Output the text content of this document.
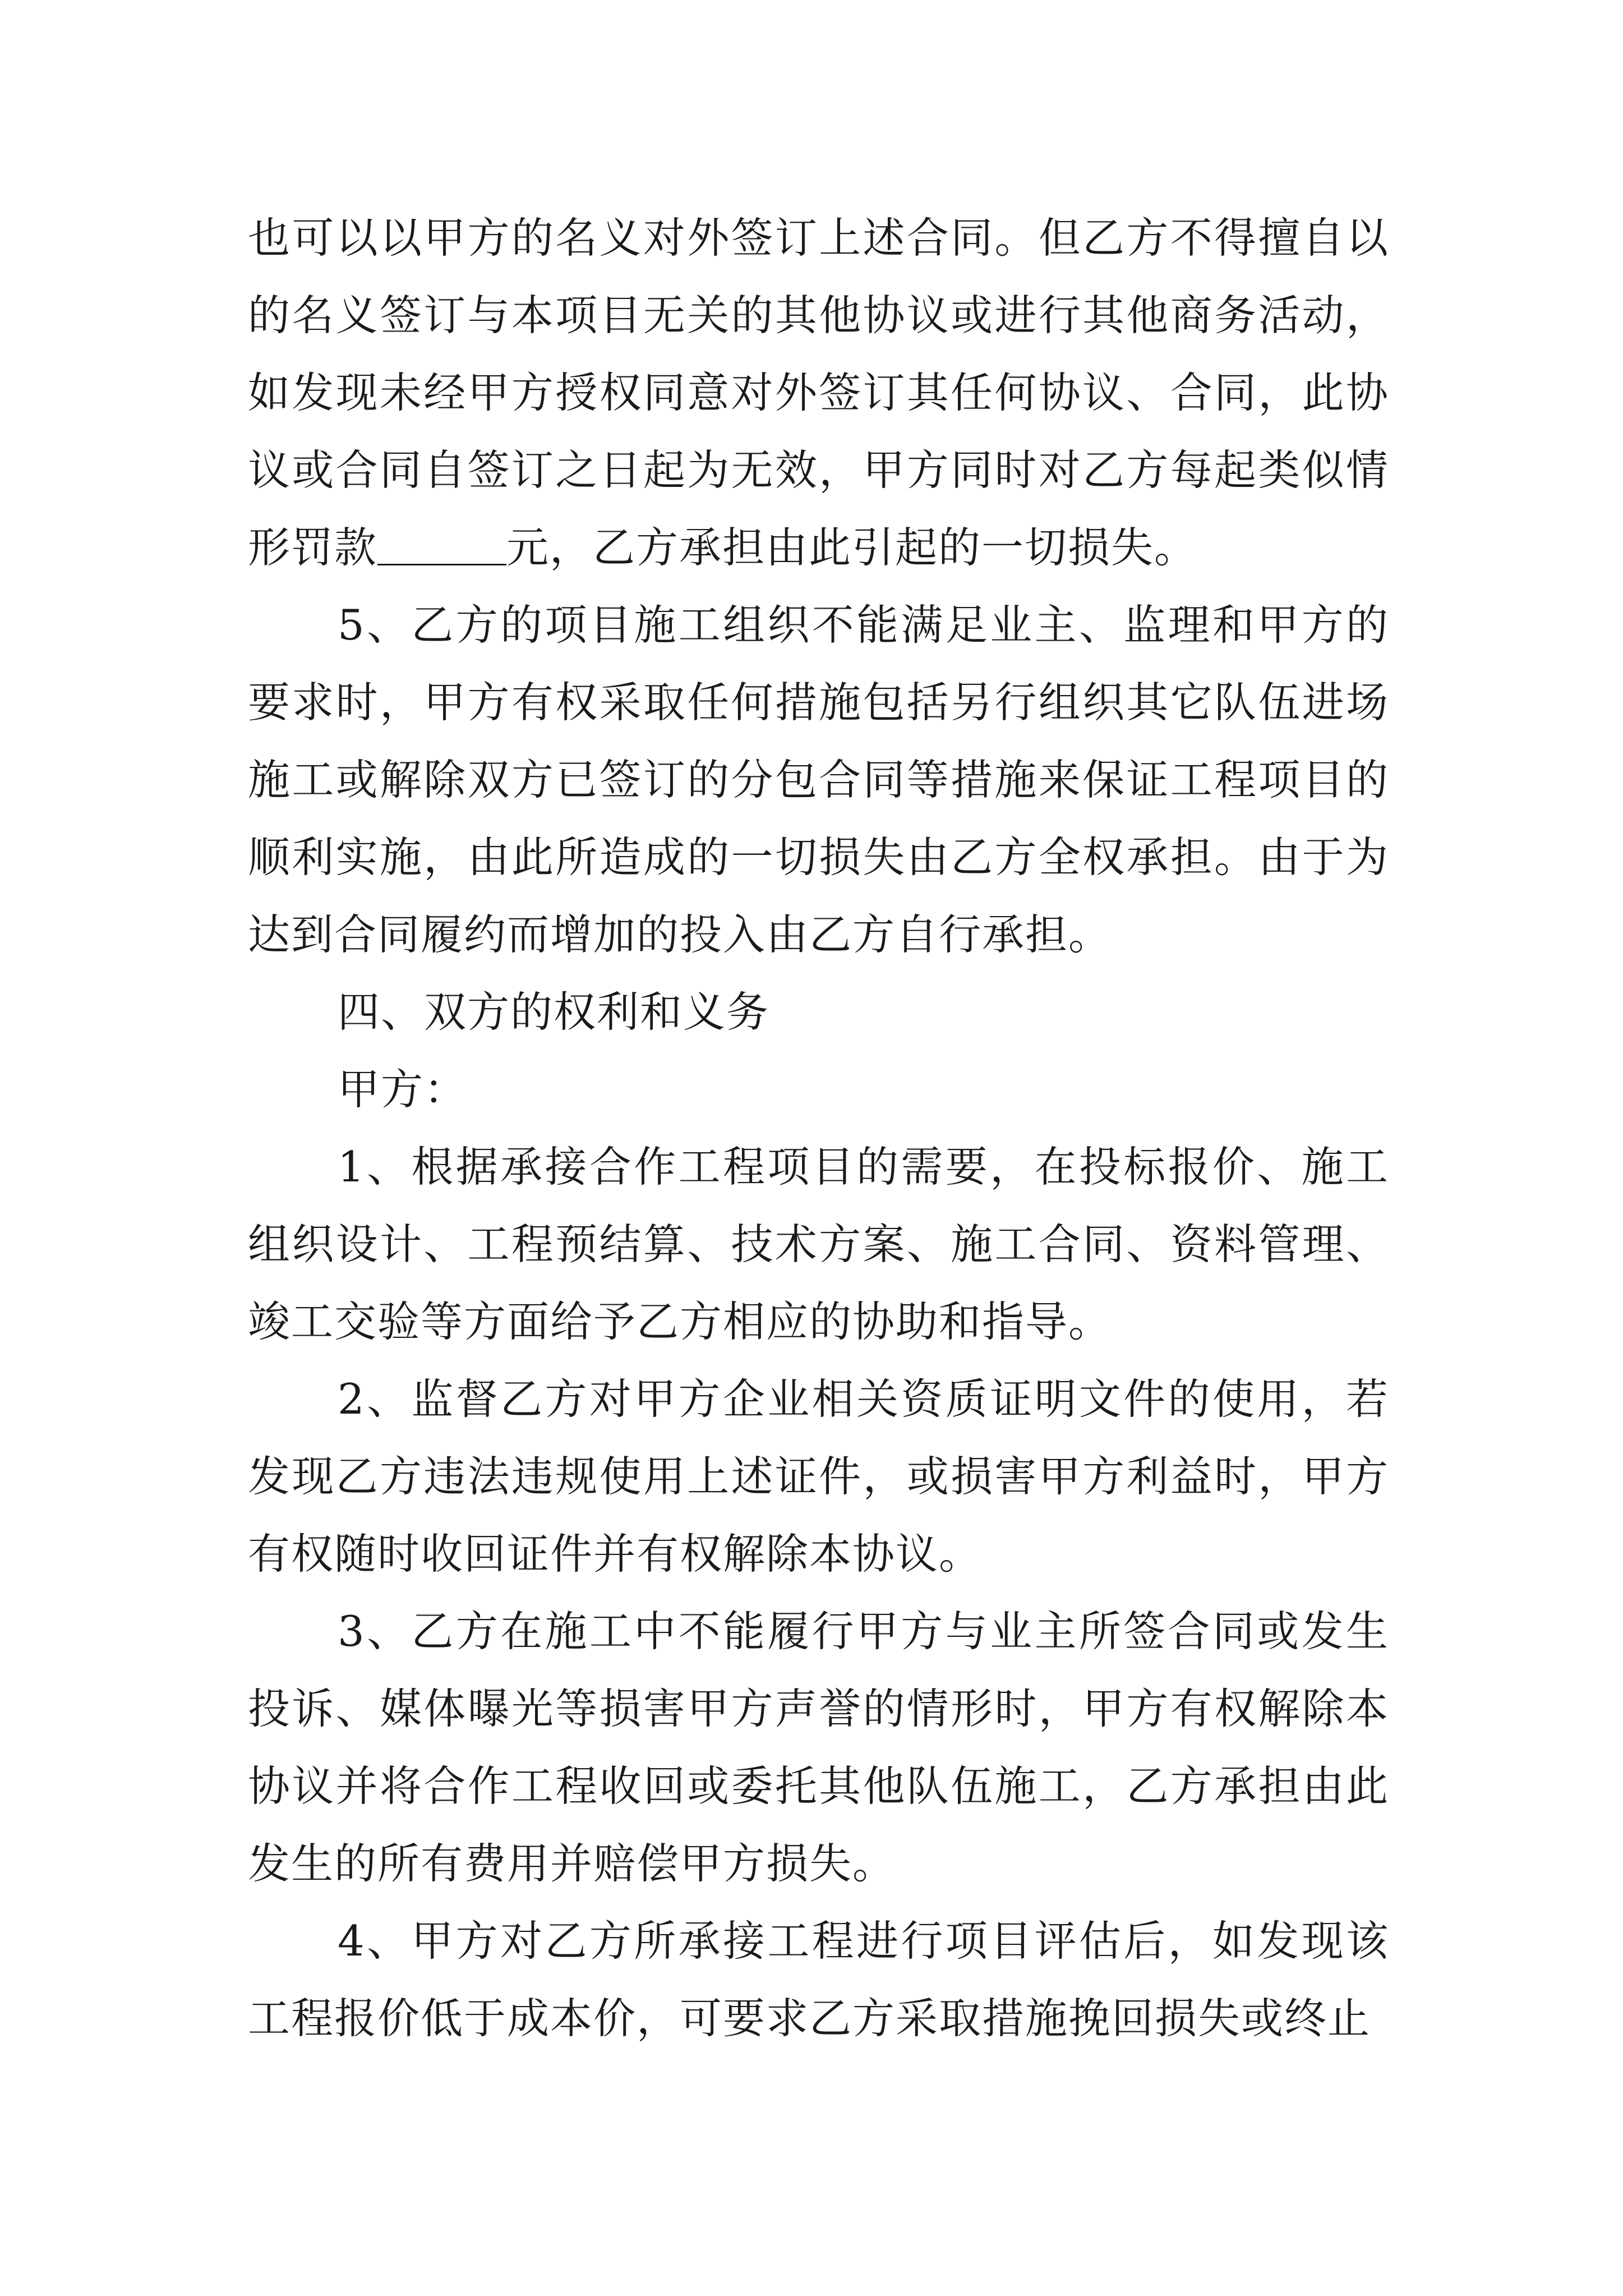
也可以以甲方的名义对外签订上述合同。但乙方不得擅自以的名义签订与本项目无关的其他协议或进行其他商务活动，如发现未经甲方授权同意对外签订其任何协议、合同，此协议或合同自签订之日起为无效，甲方同时对乙方每起类似情形罚款	元，乙方承担由此引起的一切损失。

5、乙方的项目施工组织不能满足业主、监理和甲方的要求时，甲方有权采取任何措施包括另行组织其它队伍进场施工或解除双方已签订的分包合同等措施来保证工程项目的顺利实施，由此所造成的一切损失由乙方全权承担。由于为达到合同履约而增加的投入由乙方自行承担。

四、双方的权利和义务

甲方：

1、根据承接合作工程项目的需要，在投标报价、施工组织设计、工程预结算、技术方案、施工合同、资料管理、竣工交验等方面给予乙方相应的协助和指导。

2、监督乙方对甲方企业相关资质证明文件的使用，若发现乙方违法违规使用上述证件，或损害甲方利益时，甲方有权随时收回证件并有权解除本协议。

3、乙方在施工中不能履行甲方与业主所签合同或发生投诉、媒体曝光等损害甲方声誉的情形时，甲方有权解除本协议并将合作工程收回或委托其他队伍施工，乙方承担由此发生的所有费用并赔偿甲方损失。

4、甲方对乙方所承接工程进行项目评估后，如发现该工程报价低于成本价，可要求乙方采取措施挽回损失或终止
